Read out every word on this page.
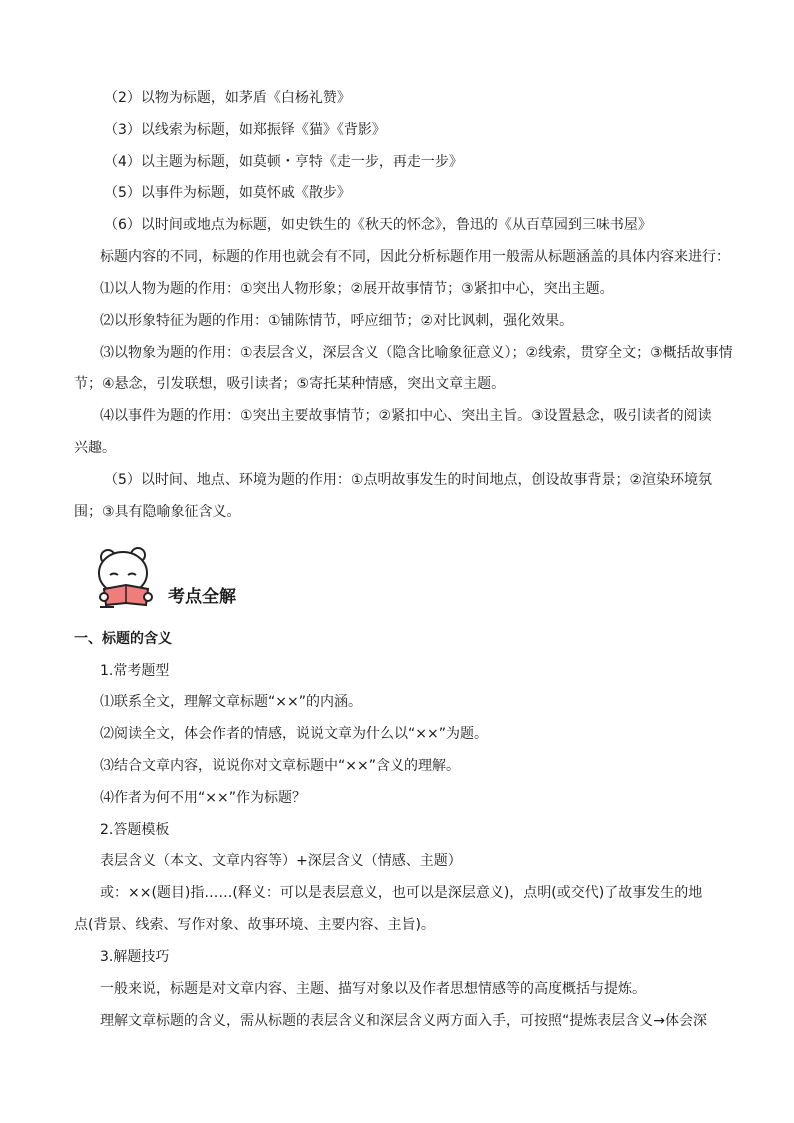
（2）以物为标题，如茅盾《白杨礼赞》
（3）以线索为标题，如郑振铎《猫》《背影》
（4）以主题为标题，如莫顿・亨特《走一步，再走一步》
（5）以事件为标题，如莫怀戚《散步》
（6）以时间或地点为标题，如史铁生的《秋天的怀念》，鲁迅的《从百草园到三味书屋》
标题内容的不同，标题的作用也就会有不同，因此分析标题作用一般需从标题涵盖的具体内容来进行：
⑴以人物为题的作用：①突出人物形象；②展开故事情节；③紧扣中心，突出主题。
⑵以形象特征为题的作用：①铺陈情节，呼应细节；②对比讽刺，强化效果。
⑶以物象为题的作用：①表层含义，深层含义（隐含比喻象征意义）；②线索，贯穿全文；③概括故事情
节；④悬念，引发联想，吸引读者；⑤寄托某种情感，突出文章主题。
⑷以事件为题的作用：①突出主要故事情节；②紧扣中心、突出主旨。③设置悬念，吸引读者的阅读
兴趣。
（5）以时间、地点、环境为题的作用：①点明故事发生的时间地点，创设故事背景；②渲染环境氛
围；③具有隐喻象征含义。
考点全解
一、标题的含义
1.常考题型
⑴联系全文，理解文章标题“××”的内涵。
⑵阅读全文，体会作者的情感，说说文章为什么以“××”为题。
⑶结合文章内容，说说你对文章标题中“××”含义的理解。
⑷作者为何不用“××”作为标题？
2.答题模板
表层含义（本文、文章内容等）+深层含义（情感、主题）
或：××(题目)指……(释义：可以是表层意义，也可以是深层意义)，点明(或交代)了故事发生的地
点(背景、线索、写作对象、故事环境、主要内容、主旨)。
3.解题技巧
一般来说，标题是对文章内容、主题、描写对象以及作者思想情感等的高度概括与提炼。
理解文章标题的含义，需从标题的表层含义和深层含义两方面入手，可按照“提炼表层含义→体会深
